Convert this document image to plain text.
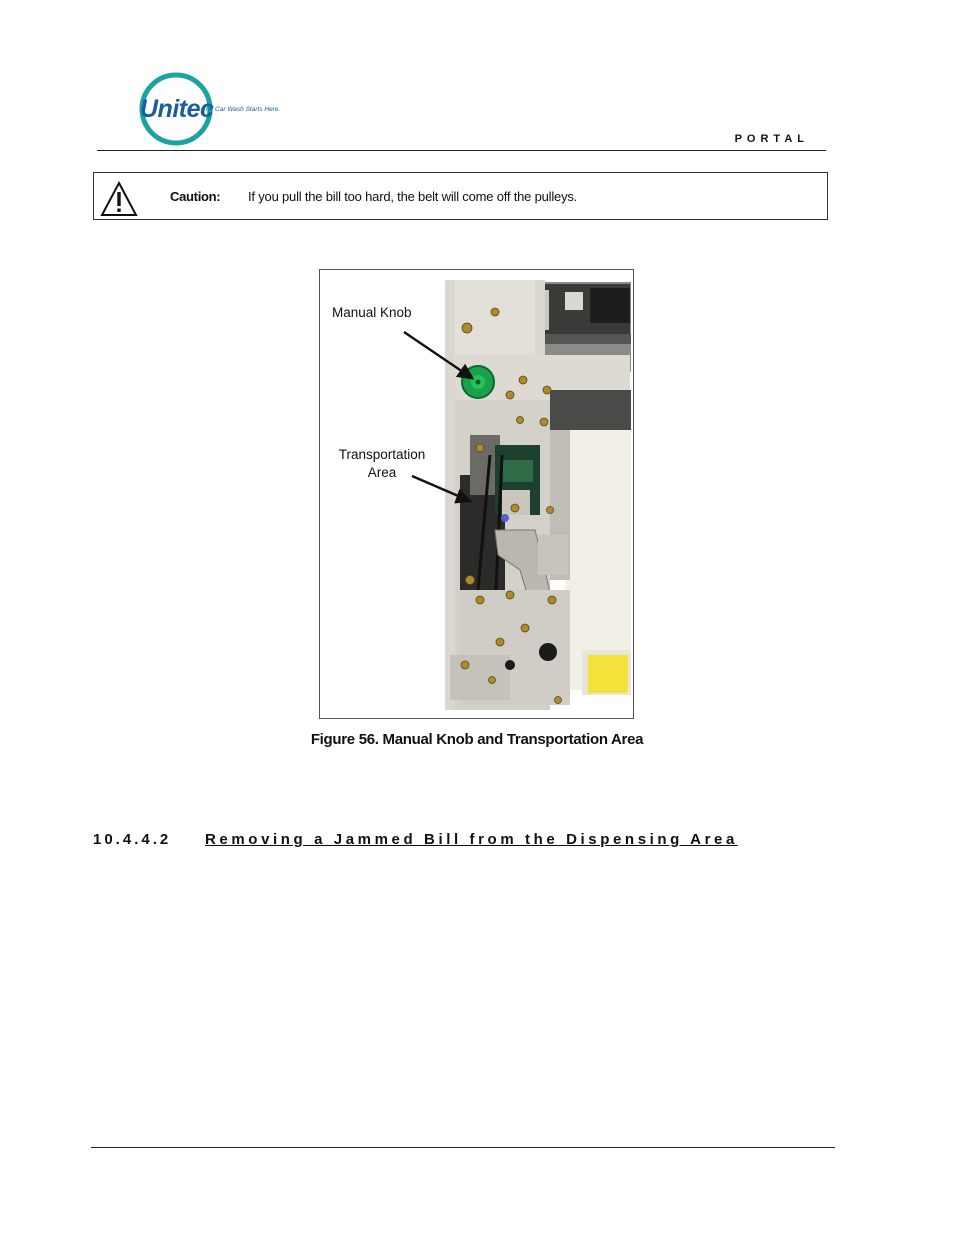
Unitec
The Car Wash Starts Here.
PORTAL
Caution: If you pull the bill too hard, the belt will come off the pulleys.
Manual Knob
Transportation
Area
Figure 56. Manual Knob and Transportation Area
10.4.4.2 Removing a Jammed Bill from the Dispensing Area
